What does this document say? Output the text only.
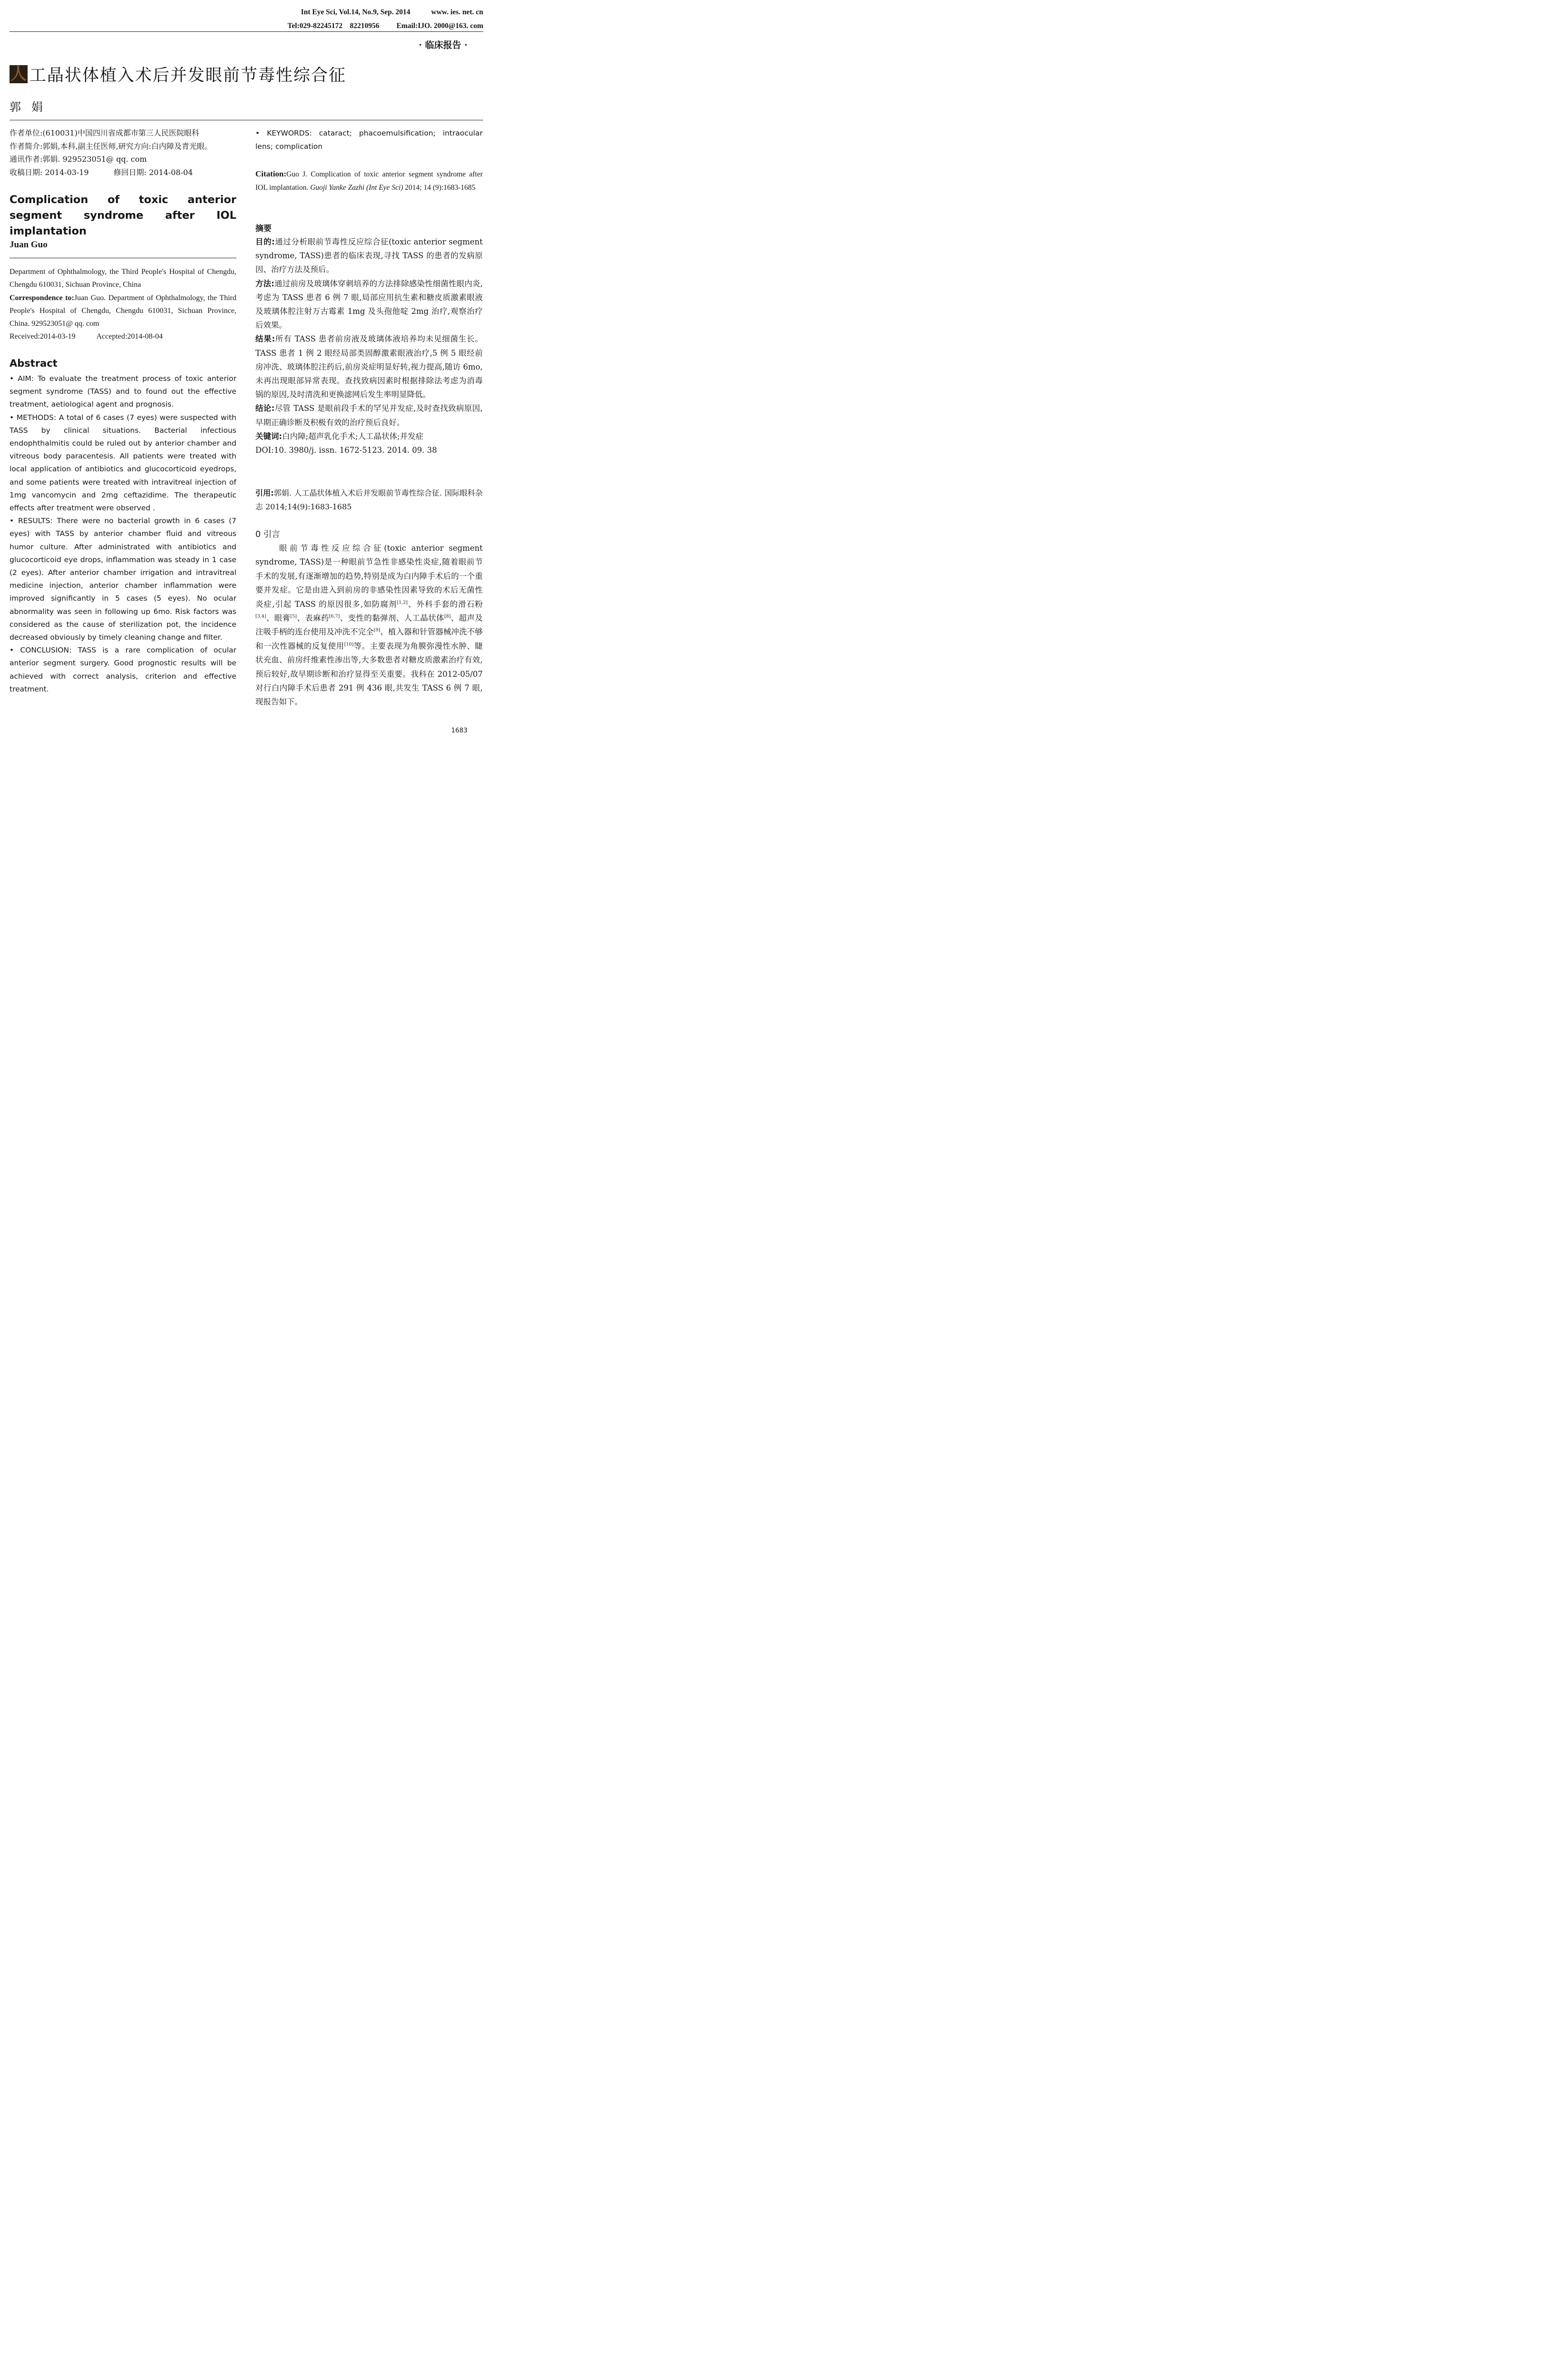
Int Eye Sci, Vol.14, No.9, Sep. 2014	www. ies. net. cn
Tel:029-82245172　82210956 Email:IJO. 2000@163. com
· 临床报告 ·
人 工晶状体植入术后并发眼前节毒性综合征
郭娟
作者单位:(610031)中国四川省成都市第三人民医院眼科
作者简介:郭娟,本科,副主任医师,研究方向:白内障及青光眼。
通讯作者:郭娟. 929523051@ qq. com
收稿日期: 2014-03-19	修回日期: 2014-08-04
Complication of toxic anterior segment syndrome after IOL implantation
Juan Guo
Department of Ophthalmology, the Third People's Hospital of Chengdu, Chengdu 610031, Sichuan Province, China
Correspondence to:Juan Guo. Department of Ophthalmology, the Third People's Hospital of Chengdu, Chengdu 610031, Sichuan Province, China. 929523051@ qq. com
Received:2014-03-19	Accepted:2014-08-04
Abstract

• AIM: To evaluate the treatment process of toxic anterior segment syndrome (TASS) and to found out the effective treatment, aetiological agent and prognosis.

• METHODS: A total of 6 cases (7 eyes) were suspected with TASS by clinical situations. Bacterial infectious endophthalmitis could be ruled out by anterior chamber and vitreous body paracentesis. All patients were treated with local application of antibiotics and glucocorticoid eyedrops, and some patients were treated with intravitreal injection of 1mg vancomycin and 2mg ceftazidime. The therapeutic effects after treatment were observed .

• RESULTS: There were no bacterial growth in 6 cases (7 eyes) with TASS by anterior chamber fluid and vitreous humor culture. After administrated with antibiotics and glucocorticoid eye drops, inflammation was steady in 1 case (2 eyes). After anterior chamber irrigation and intravitreal medicine injection, anterior chamber inflammation were improved significantly in 5 cases (5 eyes). No ocular abnormality was seen in following up 6mo. Risk factors was considered as the cause of sterilization pot, the incidence decreased obviously by timely cleaning change and filter.

• CONCLUSION: TASS is a rare complication of ocular anterior segment surgery. Good prognostic results will be achieved with correct analysis, criterion and effective treatment.

• KEYWORDS: cataract; phacoemulsification; intraocular lens; complication
Citation:Guo J. Complication of toxic anterior segment syndrome after IOL implantation. Guoji Yanke Zazhi (Int Eye Sci) 2014; 14 (9):1683-1685
摘要

目的:通过分析眼前节毒性反应综合征(toxic anterior segment syndrome, TASS)患者的临床表现,寻找 TASS 的患者的发病原因、治疗方法及预后。

方法:通过前房及玻璃体穿刺培养的方法排除感染性细菌性眼内炎,考虑为 TASS 患者 6 例 7 眼,局部应用抗生素和糖皮质激素眼液及玻璃体腔注射万古霉素 1mg 及头孢他啶 2mg 治疗,观察治疗后效果。

结果:所有 TASS 患者前房液及玻璃体液培养均未见细菌生长。TASS 患者 1 例 2 眼经局部类固醇激素眼液治疗,5 例 5 眼经前房冲洗、玻璃体腔注药后,前房炎症明显好转,视力提高,随访 6mo,未再出现眼部异常表现。查找致病因素时根据排除法考虑为消毒锅的原因,及时清洗和更换滤网后发生率明显降低。

结论:尽管 TASS 是眼前段手术的罕见并发症,及时查找致病原因,早期正确诊断及积极有效的治疗预后良好。

关键词:白内障;超声乳化手术;人工晶状体;并发症

DOI:10. 3980/j. issn. 1672-5123. 2014. 09. 38

引用:郭娟. 人工晶状体植入术后并发眼前节毒性综合征. 国际眼科杂志 2014;14(9):1683-1685
0 引言

眼前节毒性反应综合征(toxic anterior segment syndrome, TASS)是一种眼前节急性非感染性炎症,随着眼前节手术的发展,有逐渐增加的趋势,特别是成为白内障手术后的一个重要并发症。它是由进入到前房的非感染性因素导致的术后无菌性炎症,引起 TASS 的原因很多,如防腐剂[1,2]、外科手套的滑石粉[3,4]、眼膏[5]、表麻药[6,7]、变性的黏弹剂、人工晶状体[8]、超声及注吸手柄的连台使用及冲洗不完全[9]、植入器和针管器械冲洗不够和一次性器械的反复使用[10]等。主要表现为角膜弥漫性水肿、睫状充血、前房纤维素性渗出等,大多数患者对糖皮质激素治疗有效,预后较好,故早期诊断和治疗显得至关重要。我科在 2012-05/07 对行白内障手术后患者 291 例 436 眼,共发生 TASS 6 例 7 眼,现报告如下。

1683
